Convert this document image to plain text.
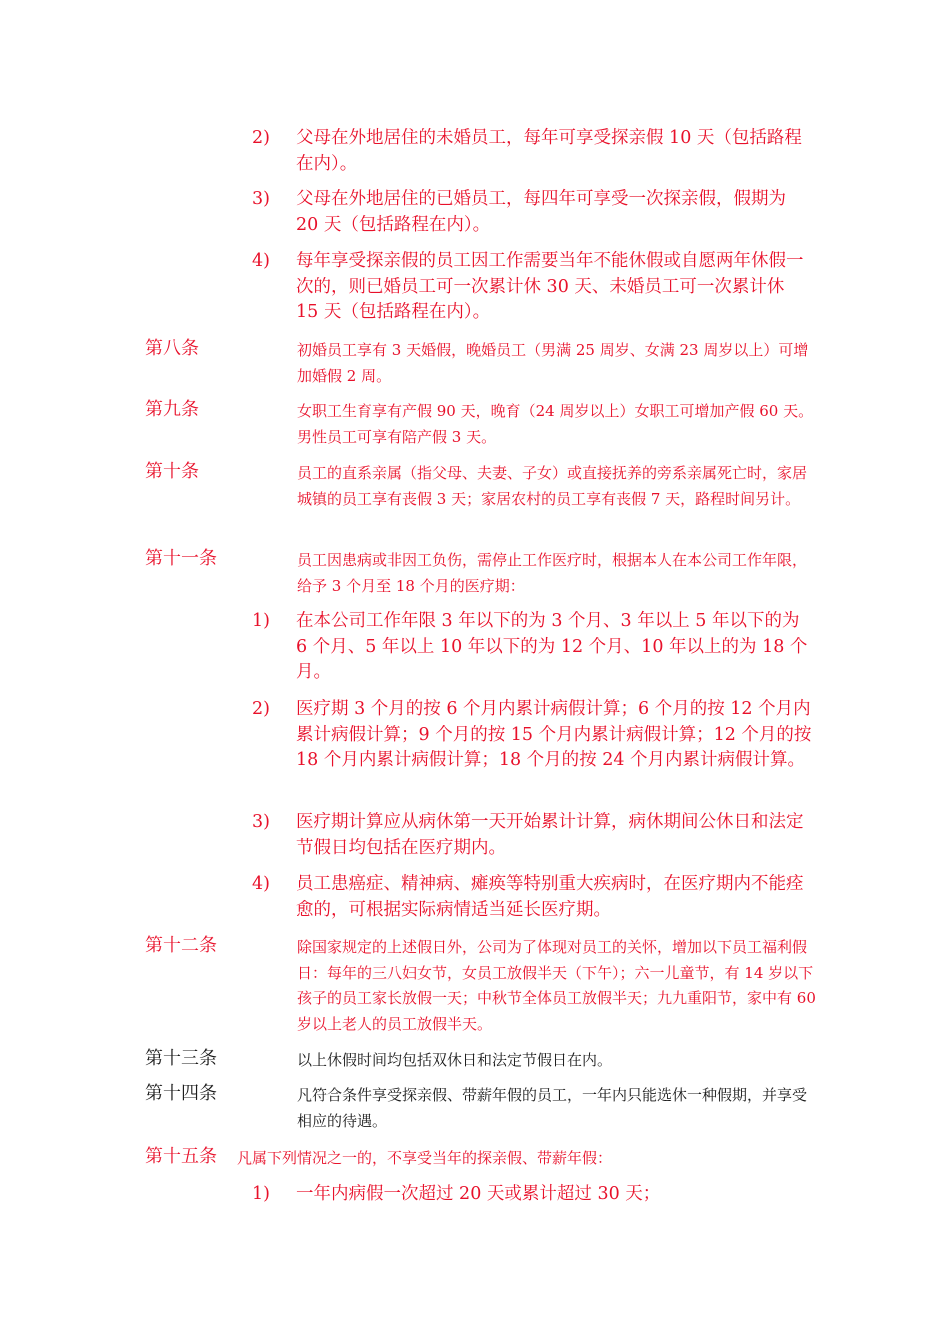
2) 父母在外地居住的未婚员工，每年可享受探亲假 10 天（包括路程在内）。
3) 父母在外地居住的已婚员工，每四年可享受一次探亲假，假期为 20 天（包括路程在内）。
4) 每年享受探亲假的员工因工作需要当年不能休假或自愿两年休假一次的，则已婚员工可一次累计休 30 天、未婚员工可一次累计休 15 天（包括路程在内）。
第八条	初婚员工享有 3 天婚假，晚婚员工（男满 25 周岁、女满 23 周岁以上）可增加婚假 2 周。
第九条	女职工生育享有产假 90 天，晚育（24 周岁以上）女职工可增加产假 60 天。男性员工可享有陪产假 3 天。
第十条	员工的直系亲属（指父母、夫妻、子女）或直接抚养的旁系亲属死亡时，家居城镇的员工享有丧假 3 天；家居农村的员工享有丧假 7 天，路程时间另计。
第十一条	员工因患病或非因工负伤，需停止工作医疗时，根据本人在本公司工作年限，给予 3 个月至 18 个月的医疗期：
1) 在本公司工作年限 3 年以下的为 3 个月、3 年以上 5 年以下的为 6 个月、5 年以上 10 年以下的为 12 个月、10 年以上的为 18 个月。
2) 医疗期 3 个月的按 6 个月内累计病假计算；6 个月的按 12 个月内累计病假计算；9 个月的按 15 个月内累计病假计算；12 个月的按 18 个月内累计病假计算；18 个月的按 24 个月内累计病假计算。
3) 医疗期计算应从病休第一天开始累计计算，病休期间公休日和法定节假日均包括在医疗期内。
4) 员工患癌症、精神病、瘫痪等特别重大疾病时，在医疗期内不能痊愈的，可根据实际病情适当延长医疗期。
第十二条	除国家规定的上述假日外，公司为了体现对员工的关怀，增加以下员工福利假日：每年的三八妇女节，女员工放假半天（下午）；六一儿童节，有 14 岁以下孩子的员工家长放假一天；中秋节全体员工放假半天；九九重阳节，家中有 60 岁以上老人的员工放假半天。
第十三条	以上休假时间均包括双休日和法定节假日在内。
第十四条	凡符合条件享受探亲假、带薪年假的员工，一年内只能选休一种假期，并享受相应的待遇。
第十五条 凡属下列情况之一的，不享受当年的探亲假、带薪年假：
1) 一年内病假一次超过 20 天或累计超过 30 天；
